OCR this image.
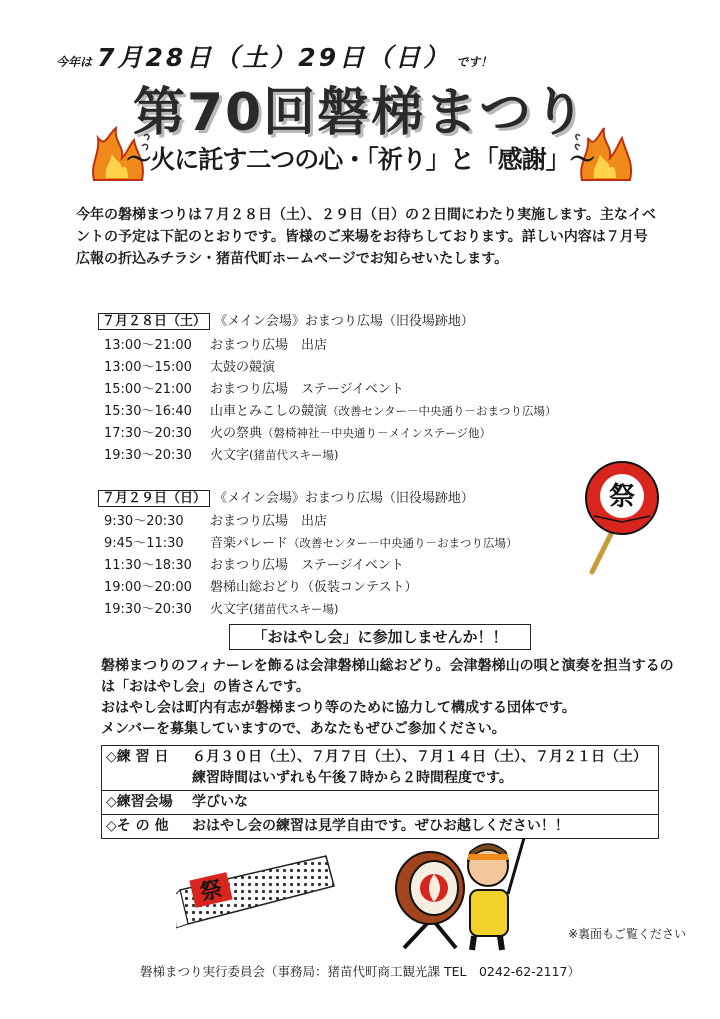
今年は 7月28日（土）29日（日） です！
第70回磐梯まつり
～火に託す二つの心・「祈り」と「感謝」～
今年の磐梯まつりは７月２８日（土）、２９日（日）の２日間にわたり実施します。主なイベントの予定は下記のとおりです。皆様のご来場をお待ちしております。詳しい内容は７月号広報の折込みチラシ・猪苗代町ホームページでお知らせいたします。
７月２８日（土） 《メイン会場》おまつり広場（旧役場跡地）
13:00～21:00 おまつり広場　出店
13:00～15:00 太鼓の競演
15:00～21:00 おまつり広場　ステージイベント
15:30～16:40 山車とみこしの競演（改善センター－中央通り－おまつり広場）
17:30～20:30 火の祭典（磐椅神社－中央通り－メインステージ他）
19:30～20:30 火文字(猪苗代スキー場)
７月２９日（日） 《メイン会場》おまつり広場（旧役場跡地）
9:30～20:30 おまつり広場　出店
9:45～11:30 音楽パレード（改善センター－中央通り－おまつり広場）
11:30～18:30 おまつり広場　ステージイベント
19:00～20:00 磐梯山総おどり（仮装コンテスト）
19:30～20:30 火文字(猪苗代スキー場)
祭
「おはやし会」に参加しませんか！！
磐梯まつりのフィナーレを飾るは会津磐梯山総おどり。会津磐梯山の唄と演奏を担当するのは「おはやし会」の皆さんです。
おはやし会は町内有志が磐梯まつり等のために協力して構成する団体です。
メンバーを募集していますので、あなたもぜひご参加ください。
◇練 習 日	６月３０日（土）、７月７日（土）、７月１４日（土）、７月２１日（土）
練習時間はいずれも午後７時から２時間程度です。
◇練習会場	学びいな
◇そ の 他	おはやし会の練習は見学自由です。ぜひお越しください！！
祭
※裏面もご覧ください
磐梯まつり実行委員会（事務局：猪苗代町商工観光課 TEL　0242-62-2117）
